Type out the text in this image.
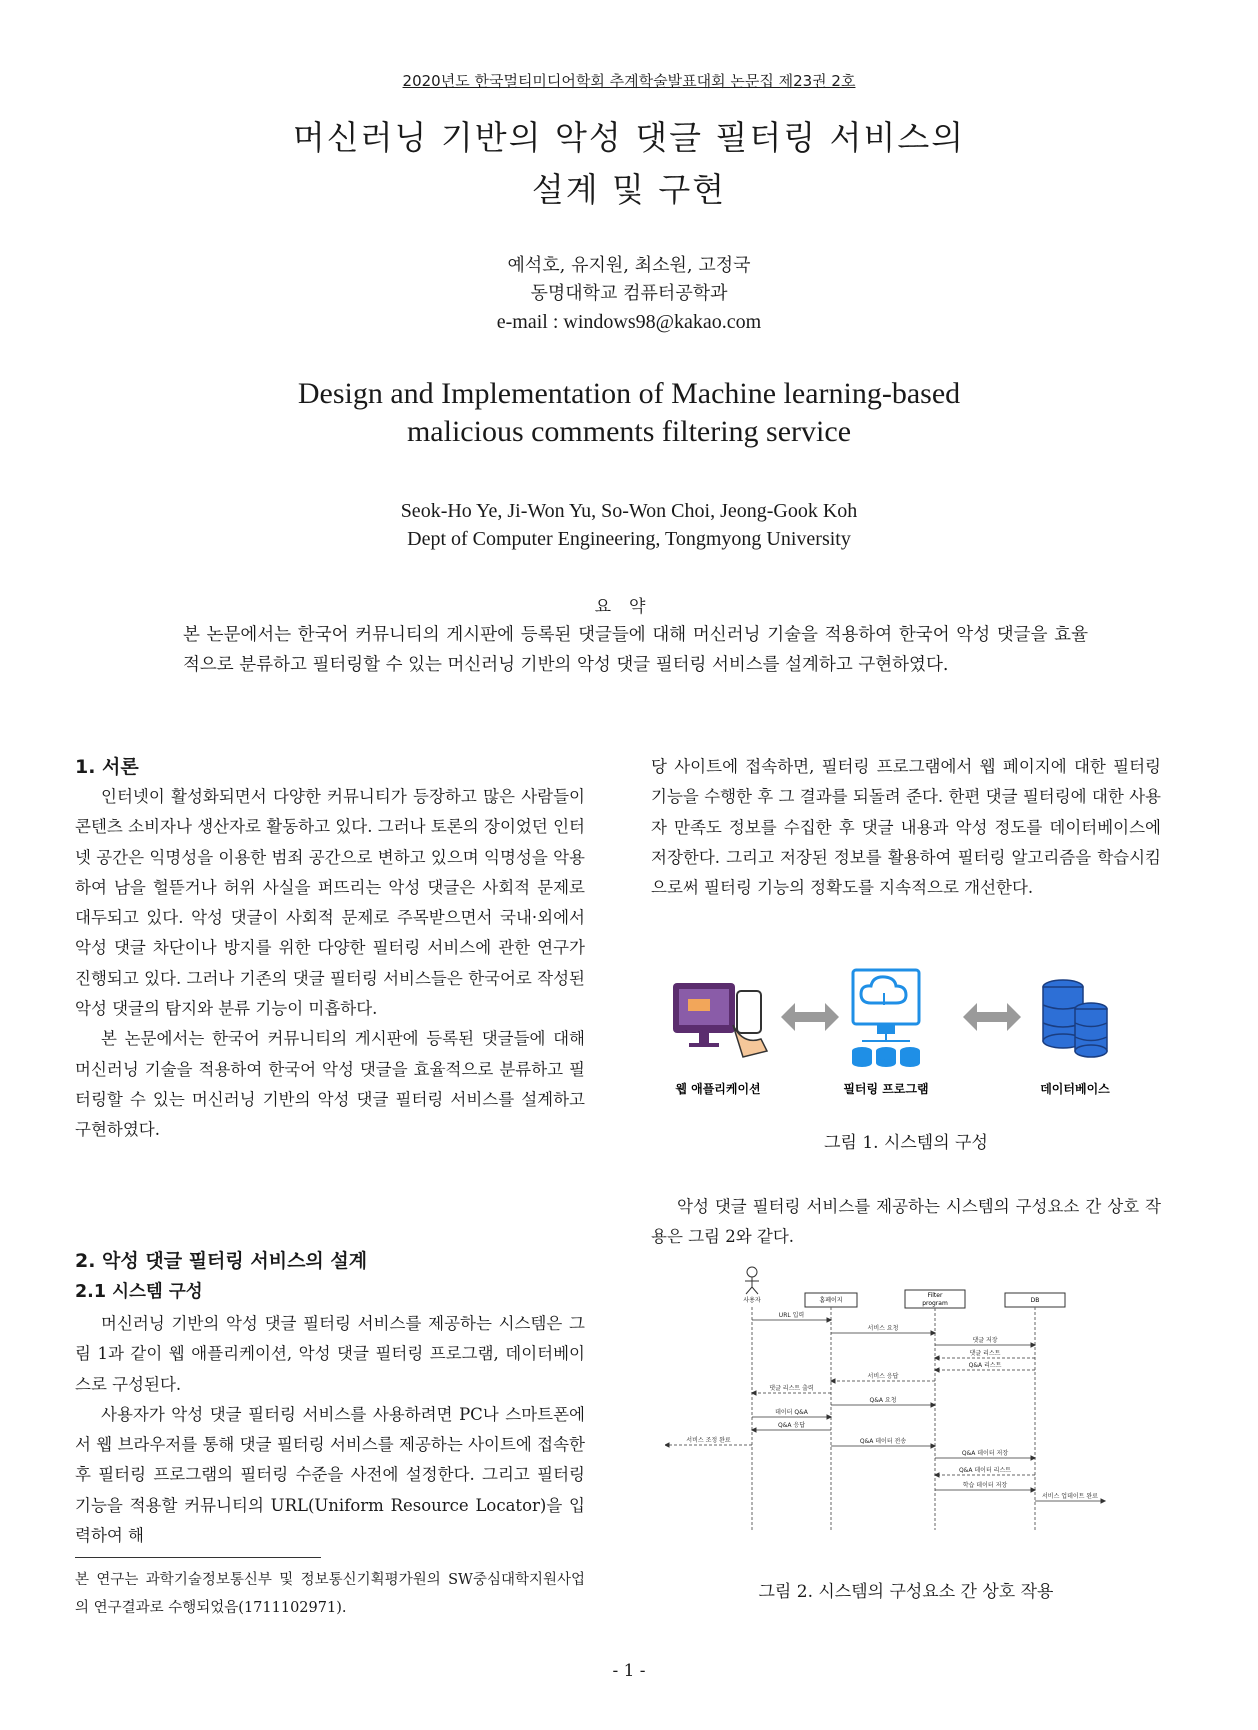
2020년도 한국멀티미디어학회 추계학술발표대회 논문집 제23권 2호
머신러닝 기반의 악성 댓글 필터링 서비스의
설계 및 구현
예석호, 유지원, 최소원, 고정국
동명대학교 컴퓨터공학과
e-mail : windows98@kakao.com
Design and Implementation of Machine learning-based
malicious comments filtering service
Seok-Ho Ye, Ji-Won Yu, So-Won Choi, Jeong-Gook Koh
Dept of Computer Engineering, Tongmyong University
요약
본 논문에서는 한국어 커뮤니티의 게시판에 등록된 댓글들에 대해 머신러닝 기술을 적용하여 한국어 악성 댓글을 효율적으로 분류하고 필터링할 수 있는 머신러닝 기반의 악성 댓글 필터링 서비스를 설계하고 구현하였다.
1. 서론

인터넷이 활성화되면서 다양한 커뮤니티가 등장하고 많은 사람들이 콘텐츠 소비자나 생산자로 활동하고 있다. 그러나 토론의 장이었던 인터넷 공간은 익명성을 이용한 범죄 공간으로 변하고 있으며 익명성을 악용하여 남을 헐뜯거나 허위 사실을 퍼뜨리는 악성 댓글은 사회적 문제로 대두되고 있다. 악성 댓글이 사회적 문제로 주목받으면서 국내·외에서 악성 댓글 차단이나 방지를 위한 다양한 필터링 서비스에 관한 연구가 진행되고 있다. 그러나 기존의 댓글 필터링 서비스들은 한국어로 작성된 악성 댓글의 탐지와 분류 기능이 미흡하다.

본 논문에서는 한국어 커뮤니티의 게시판에 등록된 댓글들에 대해 머신러닝 기술을 적용하여 한국어 악성 댓글을 효율적으로 분류하고 필터링할 수 있는 머신러닝 기반의 악성 댓글 필터링 서비스를 설계하고 구현하였다.

2. 악성 댓글 필터링 서비스의 설계
2.1 시스템 구성

머신러닝 기반의 악성 댓글 필터링 서비스를 제공하는 시스템은 그림 1과 같이 웹 애플리케이션, 악성 댓글 필터링 프로그램, 데이터베이스로 구성된다.

사용자가 악성 댓글 필터링 서비스를 사용하려면 PC나 스마트폰에서 웹 브라우저를 통해 댓글 필터링 서비스를 제공하는 사이트에 접속한 후 필터링 프로그램의 필터링 수준을 사전에 설정한다. 그리고 필터링 기능을 적용할 커뮤니티의 URL(Uniform Resource Locator)을 입력하여 해

본 연구는 과학기술정보통신부 및 정보통신기획평가원의 SW중심대학지원사업의 연구결과로 수행되었음(1711102971).

당 사이트에 접속하면, 필터링 프로그램에서 웹 페이지에 대한 필터링 기능을 수행한 후 그 결과를 되돌려 준다. 한편 댓글 필터링에 대한 사용자 만족도 정보를 수집한 후 댓글 내용과 악성 정도를 데이터베이스에 저장한다. 그리고 저장된 정보를 활용하여 필터링 알고리즘을 학습시킴으로써 필터링 기능의 정확도를 지속적으로 개선한다.

웹 애플리케이션	필터링 프로그램	데이터베이스
그림 1. 시스템의 구성

악성 댓글 필터링 서비스를 제공하는 시스템의 구성요소 간 상호 작용은 그림 2와 같다.

사용자	홈페이지
Filter
program	DB
URL 입력
서비스 요청
댓글 저장
댓글 리스트
Q&A 리스트
서비스 응답
댓글 리스트 출력
Q&A 요청
데이터 Q&A
Q&A 응답
서비스 조정 완료	Q&A 데이터 전송
Q&A 데이터 저장
Q&A 데이터 리스트
학습 데이터 저장
서비스 업데이트 완료
그림 2. 시스템의 구성요소 간 상호 작용
- 1 -
